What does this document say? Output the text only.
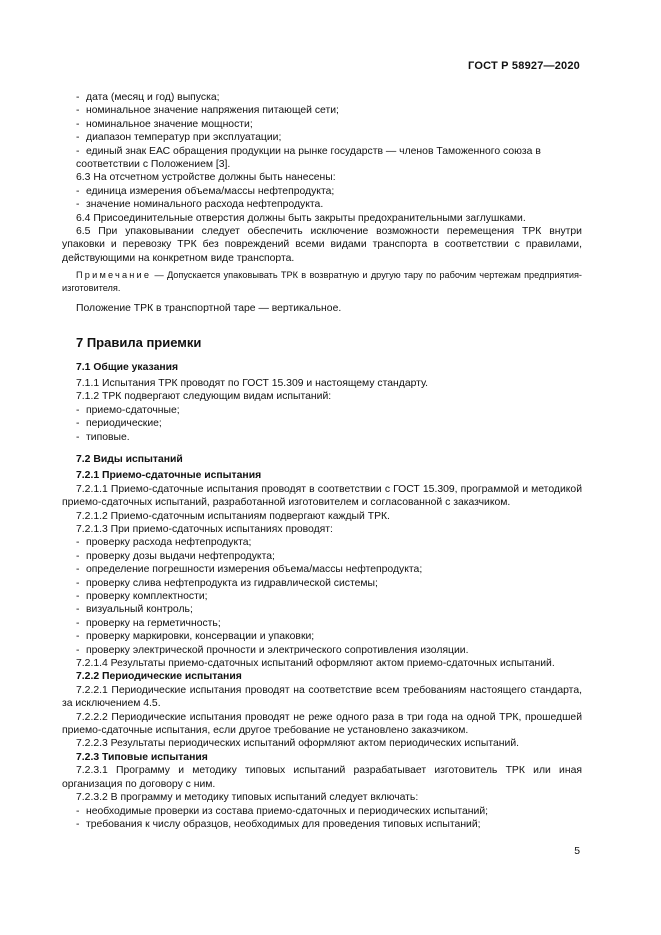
ГОСТ Р 58927—2020
- дата (месяц и год) выпуска;
- номинальное значение напряжения питающей сети;
- номинальное значение мощности;
- диапазон температур при эксплуатации;
- единый знак ЕАС обращения продукции на рынке государств — членов Таможенного союза в соответствии с Положением [3].
6.3 На отсчетном устройстве должны быть нанесены:
- единица измерения объема/массы нефтепродукта;
- значение номинального расхода нефтепродукта.
6.4 Присоединительные отверстия должны быть закрыты предохранительными заглушками.
6.5 При упаковывании следует обеспечить исключение возможности перемещения ТРК внутри упаковки и перевозку ТРК без повреждений всеми видами транспорта в соответствии с правилами, действующими на конкретном виде транспорта.
Примечание — Допускается упаковывать ТРК в возвратную и другую тару по рабочим чертежам предприятия-изготовителя.
Положение ТРК в транспортной таре — вертикальное.
7 Правила приемки
7.1 Общие указания
7.1.1 Испытания ТРК проводят по ГОСТ 15.309 и настоящему стандарту.
7.1.2 ТРК подвергают следующим видам испытаний:
- приемо-сдаточные;
- периодические;
- типовые.
7.2 Виды испытаний
7.2.1 Приемо-сдаточные испытания
7.2.1.1 Приемо-сдаточные испытания проводят в соответствии с ГОСТ 15.309, программой и методикой приемо-сдаточных испытаний, разработанной изготовителем и согласованной с заказчиком.
7.2.1.2 Приемо-сдаточным испытаниям подвергают каждый ТРК.
7.2.1.3 При приемо-сдаточных испытаниях проводят:
- проверку расхода нефтепродукта;
- проверку дозы выдачи нефтепродукта;
- определение погрешности измерения объема/массы нефтепродукта;
- проверку слива нефтепродукта из гидравлической системы;
- проверку комплектности;
- визуальный контроль;
- проверку на герметичность;
- проверку маркировки, консервации и упаковки;
- проверку электрической прочности и электрического сопротивления изоляции.
7.2.1.4 Результаты приемо-сдаточных испытаний оформляют актом приемо-сдаточных испытаний.
7.2.2 Периодические испытания
7.2.2.1 Периодические испытания проводят на соответствие всем требованиям настоящего стандарта, за исключением 4.5.
7.2.2.2 Периодические испытания проводят не реже одного раза в три года на одной ТРК, прошедшей приемо-сдаточные испытания, если другое требование не установлено заказчиком.
7.2.2.3 Результаты периодических испытаний оформляют актом периодических испытаний.
7.2.3 Типовые испытания
7.2.3.1 Программу и методику типовых испытаний разрабатывает изготовитель ТРК или иная организация по договору с ним.
7.2.3.2 В программу и методику типовых испытаний следует включать:
- необходимые проверки из состава приемо-сдаточных и периодических испытаний;
- требования к числу образцов, необходимых для проведения типовых испытаний;
5
